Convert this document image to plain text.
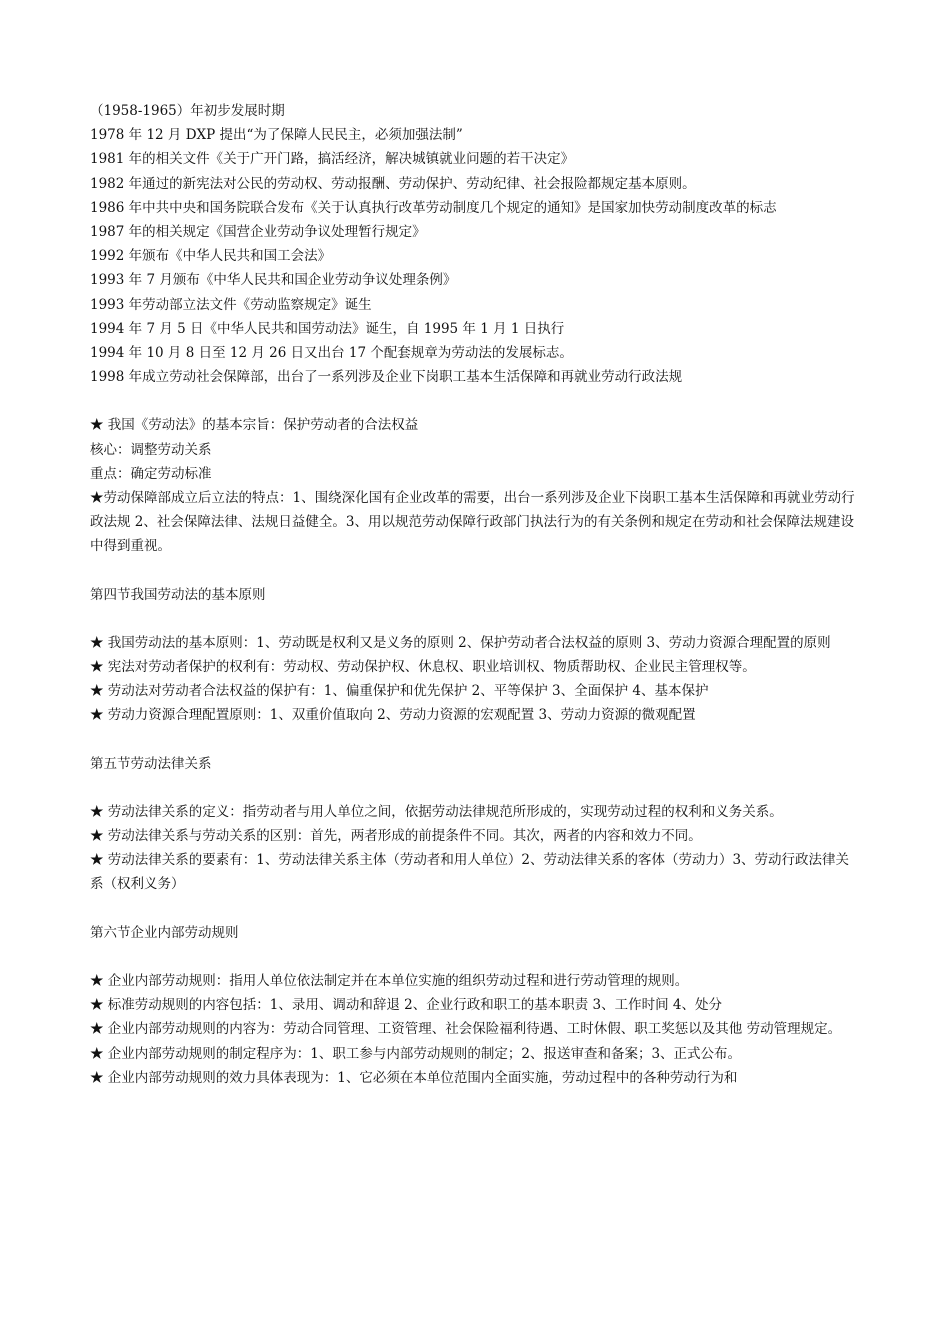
（1958-1965）年初步发展时期
1978 年 12 月 DXP 提出“为了保障人民民主，必须加强法制”
1981 年的相关文件《关于广开门路，搞活经济，解决城镇就业问题的若干决定》
1982 年通过的新宪法对公民的劳动权、劳动报酬、劳动保护、劳动纪律、社会报险都规定基本原则。
1986 年中共中央和国务院联合发布《关于认真执行改革劳动制度几个规定的通知》是国家加快劳动制度改革的标志
1987 年的相关规定《国营企业劳动争议处理暂行规定》
1992 年颁布《中华人民共和国工会法》
1993 年 7 月颁布《中华人民共和国企业劳动争议处理条例》
1993 年劳动部立法文件《劳动监察规定》诞生
1994 年 7 月 5 日《中华人民共和国劳动法》诞生，自 1995 年 1 月 1 日执行
1994 年 10 月 8 日至 12 月 26 日又出台 17 个配套规章为劳动法的发展标志。
1998 年成立劳动社会保障部，出台了一系列涉及企业下岗职工基本生活保障和再就业劳动行政法规
★ 我国《劳动法》的基本宗旨：保护劳动者的合法权益
核心：调整劳动关系
重点：确定劳动标准
★劳动保障部成立后立法的特点：1、围绕深化国有企业改革的需要，出台一系列涉及企业下岗职工基本生活保障和再就业劳动行政法规 2、社会保障法律、法规日益健全。3、用以规范劳动保障行政部门执法行为的有关条例和规定在劳动和社会保障法规建设中得到重视。
第四节我国劳动法的基本原则
★ 我国劳动法的基本原则：1、劳动既是权利又是义务的原则 2、保护劳动者合法权益的原则 3、劳动力资源合理配置的原则
★ 宪法对劳动者保护的权利有：劳动权、劳动保护权、休息权、职业培训权、物质帮助权、企业民主管理权等。
★ 劳动法对劳动者合法权益的保护有：1、偏重保护和优先保护 2、平等保护 3、全面保护 4、基本保护
★ 劳动力资源合理配置原则：1、双重价值取向 2、劳动力资源的宏观配置 3、劳动力资源的微观配置
第五节劳动法律关系
★ 劳动法律关系的定义：指劳动者与用人单位之间，依据劳动法律规范所形成的，实现劳动过程的权利和义务关系。
★ 劳动法律关系与劳动关系的区别：首先，两者形成的前提条件不同。其次，两者的内容和效力不同。
★ 劳动法律关系的要素有：1、劳动法律关系主体（劳动者和用人单位）2、劳动法律关系的客体（劳动力）3、劳动行政法律关系（权利义务）
第六节企业内部劳动规则
★ 企业内部劳动规则：指用人单位依法制定并在本单位实施的组织劳动过程和进行劳动管理的规则。
★ 标准劳动规则的内容包括：1、录用、调动和辞退 2、企业行政和职工的基本职责 3、工作时间 4、处分
★ 企业内部劳动规则的内容为：劳动合同管理、工资管理、社会保险福利待遇、工时休假、职工奖惩以及其他 劳动管理规定。
★ 企业内部劳动规则的制定程序为：1、职工参与内部劳动规则的制定；2、报送审查和备案；3、正式公布。
★ 企业内部劳动规则的效力具体表现为：1、它必须在本单位范围内全面实施，劳动过程中的各种劳动行为和
